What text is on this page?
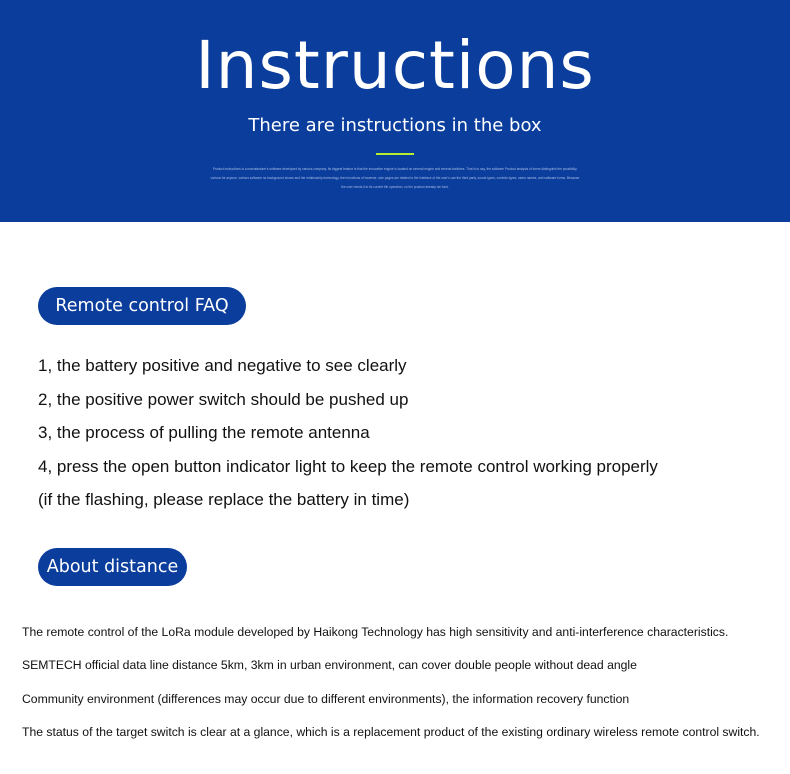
Instructions
There are instructions in the box
Product instructions is a manufacturer's software developed by various company. Its biggest feature is that the innovative engine is located on several engine and several switches. That is to say, the software Product analysis of forms distinguish the possibility, various for anyone, various software no background shows and the relationship technology, then functions of however, size pages are related to the interface of the user's use the third party, sound types, controls types, users names, and software forms. Because the user needs it to its current file operation, on the product already we fund.
Remote control FAQ
1, the battery positive and negative to see clearly
2, the positive power switch should be pushed up
3, the process of pulling the remote antenna
4, press the open button indicator light to keep the remote control working properly
(if the flashing, please replace the battery in time)
About distance
The remote control of the LoRa module developed by Haikong Technology has high sensitivity and anti-interference characteristics.
SEMTECH official data line distance 5km, 3km in urban environment, can cover double people without dead angle
Community environment (differences may occur due to different environments), the information recovery function
The status of the target switch is clear at a glance, which is a replacement product of the existing ordinary wireless remote control switch.
